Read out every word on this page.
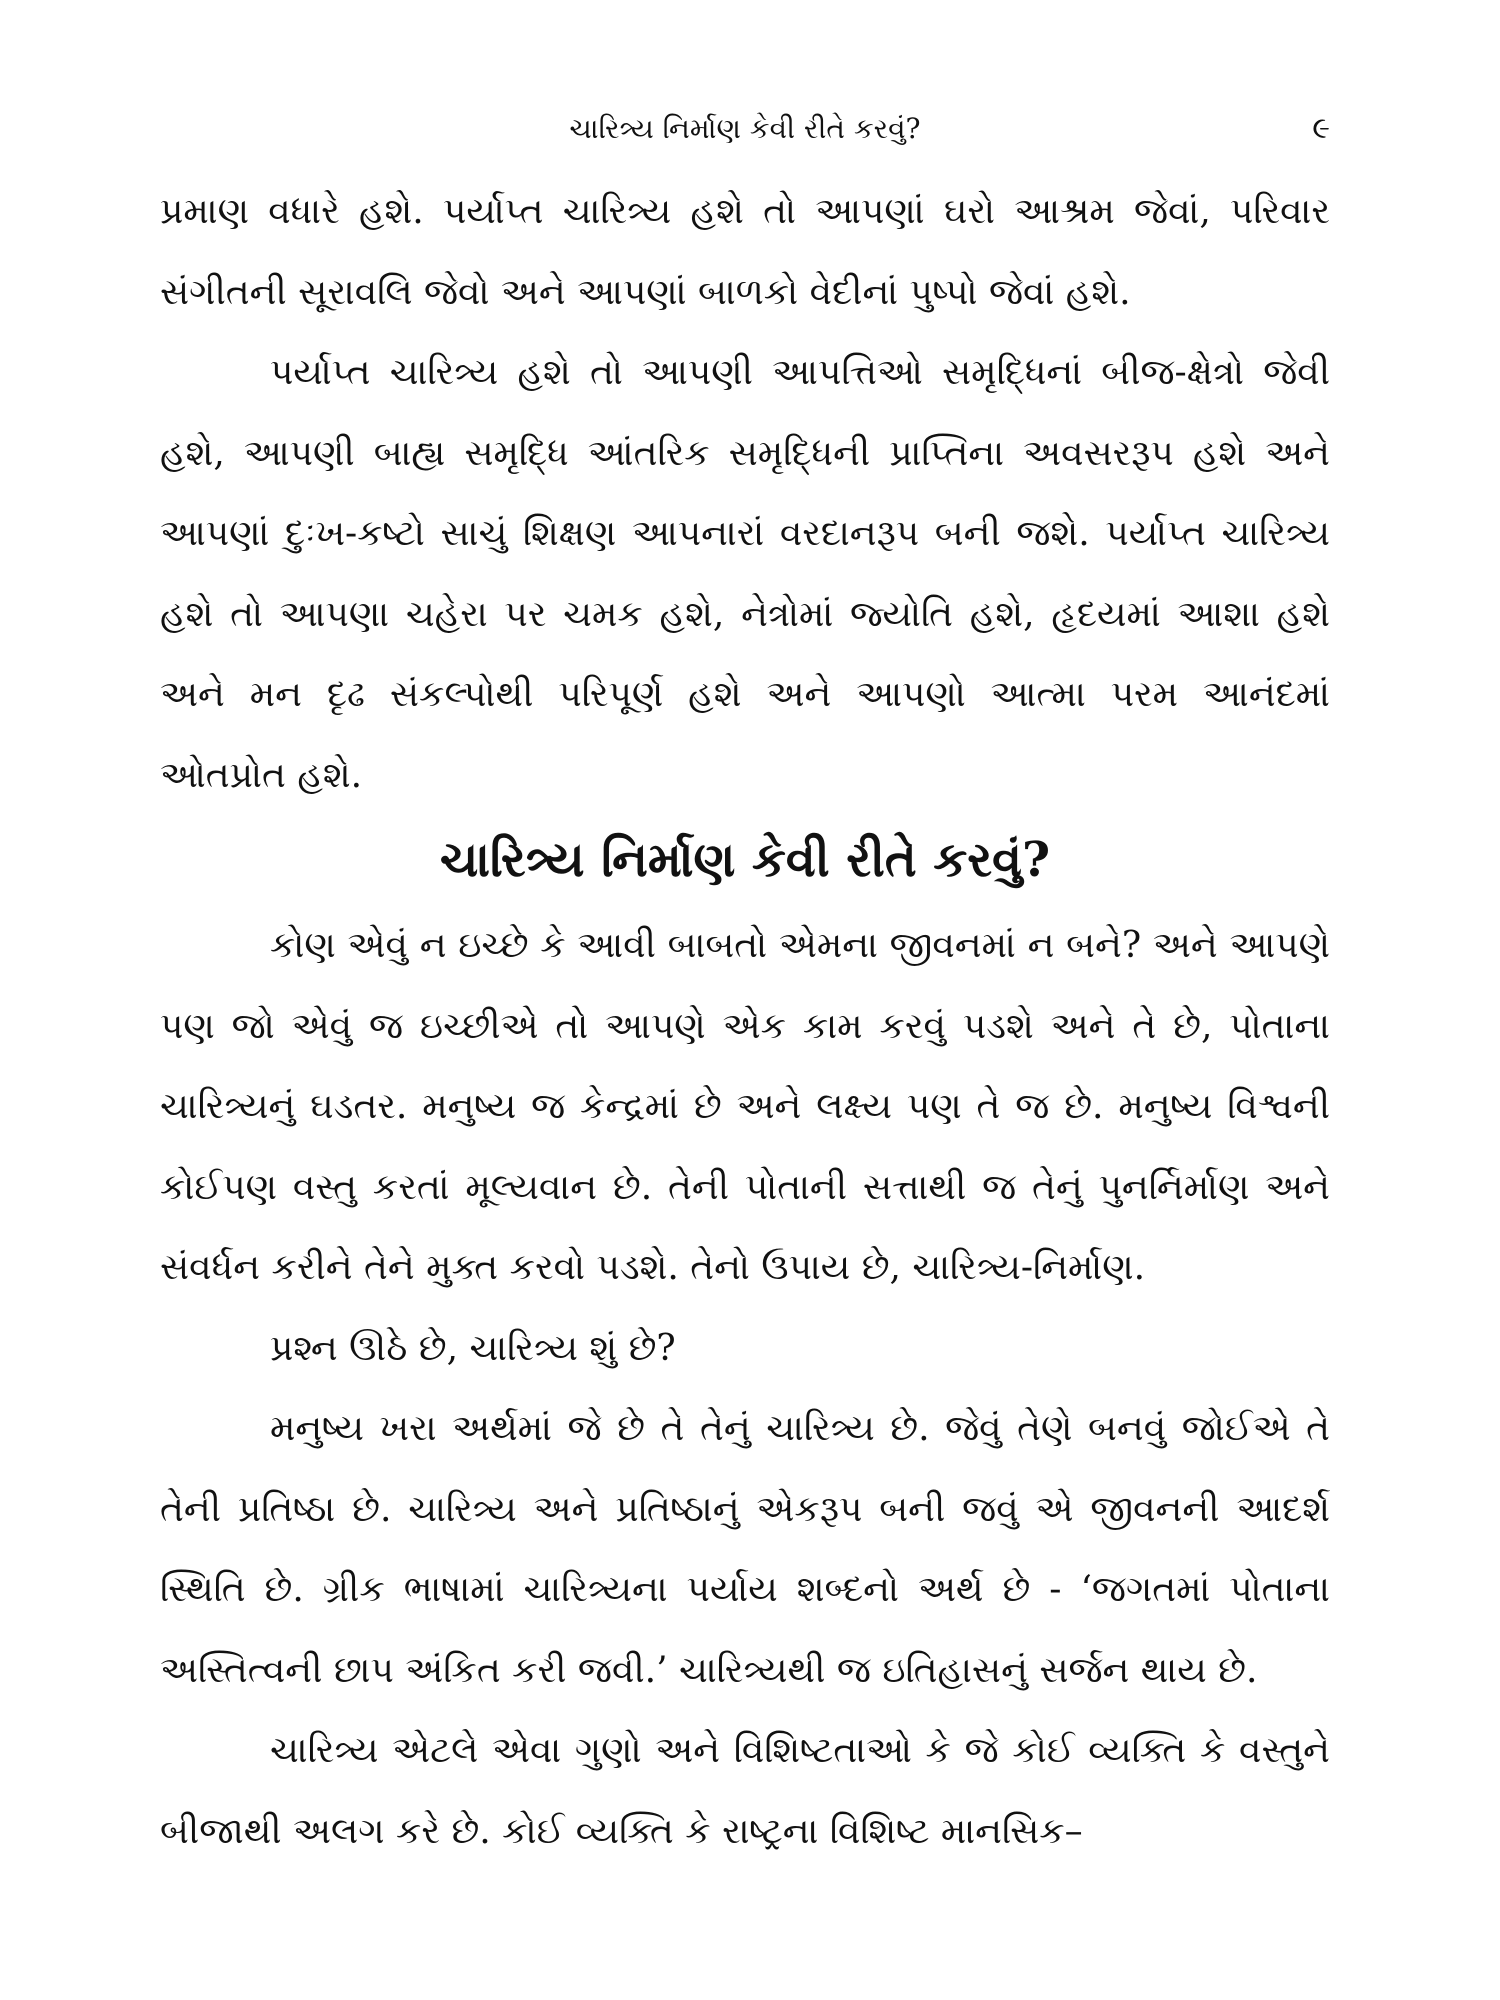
ચારિત્ર્ય નિર્માણ કેવી રીતે કરવું?	૯

પ્રમાણ વધારે હશે. પર્યાપ્ત ચારિત્ર્ય હશે તો આપણાં ઘરો આશ્રમ જેવાં, પરિવાર સંગીતની સૂરાવલિ જેવો અને આપણાં બાળકો વેદીનાં પુષ્પો જેવાં હશે.

પર્યાપ્ત ચારિત્ર્ય હશે તો આપણી આપત્તિઓ સમૃદ્ધિનાં બીજ-ક્ષેત્રો જેવી હશે, આપણી બાહ્ય સમૃદ્ધિ આંતરિક સમૃદ્ધિની પ્રાપ્તિના અવસરરૂપ હશે અને આપણાં દુઃખ-કષ્ટો સાચું શિક્ષણ આપનારાં વરદાનરૂપ બની જશે. પર્યાપ્ત ચારિત્ર્ય હશે તો આપણા ચહેરા પર ચમક હશે, નેત્રોમાં જ્યોતિ હશે, હૃદયમાં આશા હશે અને મન દૃઢ સંકલ્પોથી પરિપૂર્ણ હશે અને આપણો આત્મા પરમ આનંદમાં ઓતપ્રોત હશે.

ચારિત્ર્ય નિર્માણ કેવી રીતે કરવું?

કોણ એવું ન ઇચ્છે કે આવી બાબતો એમના જીવનમાં ન બને? અને આપણે પણ જો એવું જ ઇચ્છીએ તો આપણે એક કામ કરવું પડશે અને તે છે, પોતાના ચારિત્ર્યનું ઘડતર. મનુષ્ય જ કેન્દ્રમાં છે અને લક્ષ્ય પણ તે જ છે. મનુષ્ય વિશ્વની કોઈપણ વસ્તુ કરતાં મૂલ્યવાન છે. તેની પોતાની સત્તાથી જ તેનું પુનર્નિર્માણ અને સંવર્ધન કરીને તેને મુક્ત કરવો પડશે. તેનો ઉપાય છે, ચારિત્ર્ય-નિર્માણ.

પ્રશ્ન ઊઠે છે, ચારિત્ર્ય શું છે?

મનુષ્ય ખરા અર્થમાં જે છે તે તેનું ચારિત્ર્ય છે. જેવું તેણે બનવું જોઈએ તે તેની પ્રતિષ્ઠા છે. ચારિત્ર્ય અને પ્રતિષ્ઠાનું એકરૂપ બની જવું એ જીવનની આદર્શ સ્થિતિ છે. ગ્રીક ભાષામાં ચારિત્ર્યના પર્યાય શબ્દનો અર્થ છે - ‘જગતમાં પોતાના અસ્તિત્વની છાપ અંકિત કરી જવી.’ ચારિત્ર્યથી જ ઇતિહાસનું સર્જન થાય છે.

ચારિત્ર્ય એટલે એવા ગુણો અને વિશિષ્ટતાઓ કે જે કોઈ વ્યક્તિ કે વસ્તુને બીજાથી અલગ કરે છે. કોઈ વ્યક્તિ કે રાષ્ટ્રના વિશિષ્ટ માનસિક–
